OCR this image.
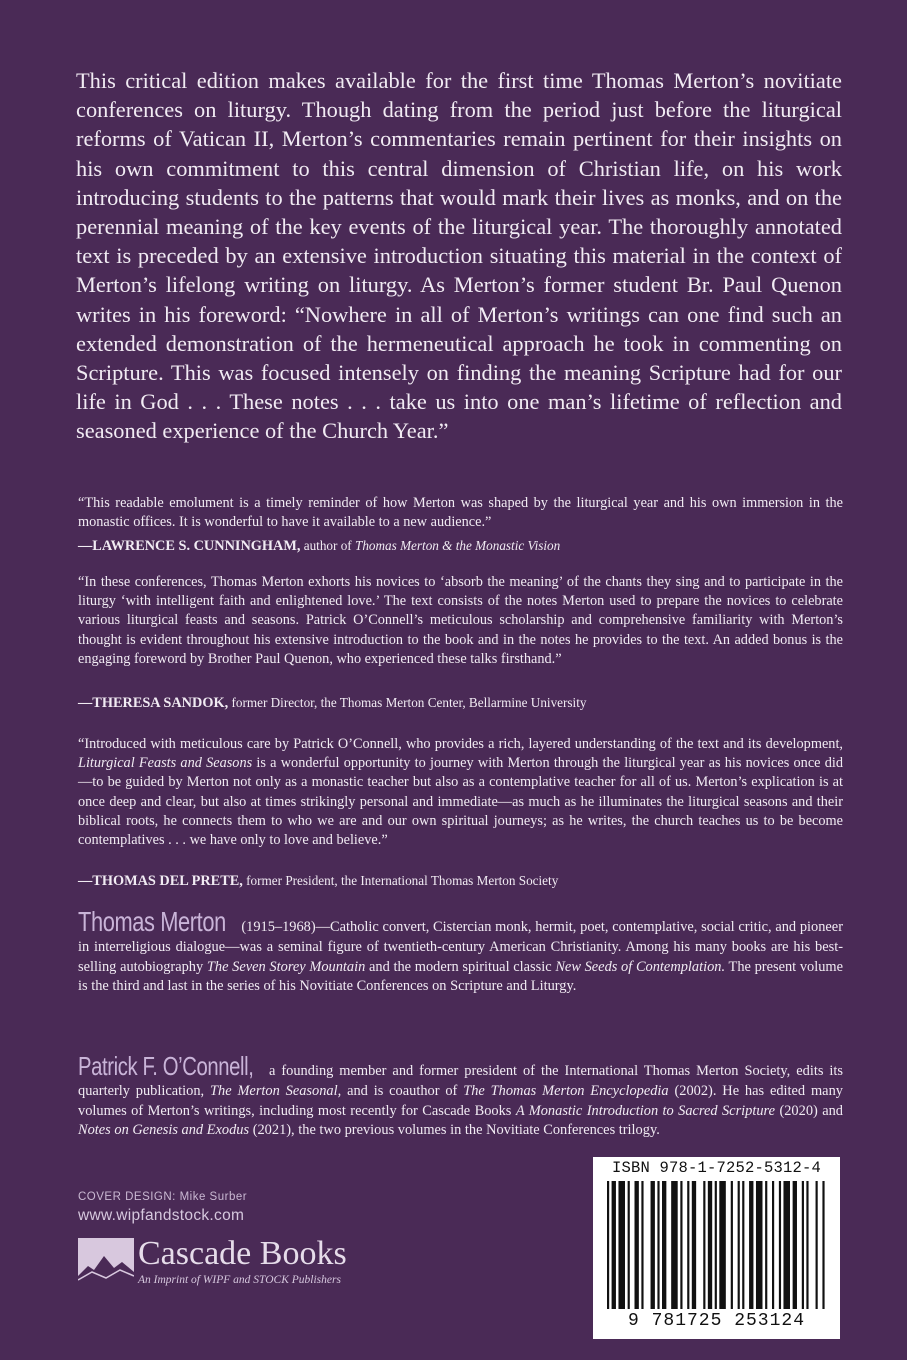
This critical edition makes available for the first time Thomas Merton’s novitiate conferences on liturgy. Though dating from the period just before the liturgical reforms of Vatican II, Merton’s commentaries remain pertinent for their insights on his own commitment to this central dimension of Christian life, on his work introducing students to the patterns that would mark their lives as monks, and on the perennial meaning of the key events of the liturgical year. The thoroughly annotated text is preceded by an extensive introduction situating this material in the context of Merton’s lifelong writing on liturgy. As Merton’s former student Br. Paul Quenon writes in his foreword: “Nowhere in all of Merton’s writings can one find such an extended demonstration of the hermeneutical approach he took in commenting on Scripture. This was focused intensely on finding the meaning Scripture had for our life in God . . . These notes . . . take us into one man’s lifetime of reflection and seasoned experience of the Church Year.”

“This readable emolument is a timely reminder of how Merton was shaped by the liturgical year and his own immersion in the monastic offices. It is wonderful to have it available to a new audience.”

—LAWRENCE S. CUNNINGHAM, author of Thomas Merton & the Monastic Vision

“In these conferences, Thomas Merton exhorts his novices to ‘absorb the meaning’ of the chants they sing and to participate in the liturgy ‘with intelligent faith and enlightened love.’ The text consists of the notes Merton used to prepare the novices to celebrate various liturgical feasts and seasons. Patrick O’Connell’s meticulous scholarship and comprehensive familiarity with Merton’s thought is evident throughout his extensive introduction to the book and in the notes he provides to the text. An added bonus is the engaging foreword by Brother Paul Quenon, who experienced these talks firsthand.”

—THERESA SANDOK, former Director, the Thomas Merton Center, Bellarmine University

“Introduced with meticulous care by Patrick O’Connell, who provides a rich, layered understanding of the text and its development, Liturgical Feasts and Seasons is a wonderful opportunity to journey with Merton through the liturgical year as his novices once did—to be guided by Merton not only as a monastic teacher but also as a contemplative teacher for all of us. Merton’s explication is at once deep and clear, but also at times strikingly personal and immediate—as much as he illuminates the liturgical seasons and their biblical roots, he connects them to who we are and our own spiritual journeys; as he writes, the church teaches us to be become contemplatives . . . we have only to love and believe.”

—THOMAS DEL PRETE, former President, the International Thomas Merton Society

Thomas Merton (1915–1968)—Catholic convert, Cistercian monk, hermit, poet, contemplative, social critic, and pioneer in interreligious dialogue—was a seminal figure of twentieth-century American Christianity. Among his many books are his best-selling autobiography The Seven Storey Mountain and the modern spiritual classic New Seeds of Contemplation. The present volume is the third and last in the series of his Novitiate Conferences on Scripture and Liturgy.

Patrick F. O’Connell, a founding member and former president of the International Thomas Merton Society, edits its quarterly publication, The Merton Seasonal, and is coauthor of The Thomas Merton Encyclopedia (2002). He has edited many volumes of Merton’s writings, including most recently for Cascade Books A Monastic Introduction to Sacred Scripture (2020) and Notes on Genesis and Exodus (2021), the two previous volumes in the Novitiate Conferences trilogy.

COVER DESIGN: Mike Surber
www.wipfandstock.com
Cascade Books
An Imprint of WIPF and STOCK Publishers
ISBN 978-1-7252-5312-4
9 781725 253124
